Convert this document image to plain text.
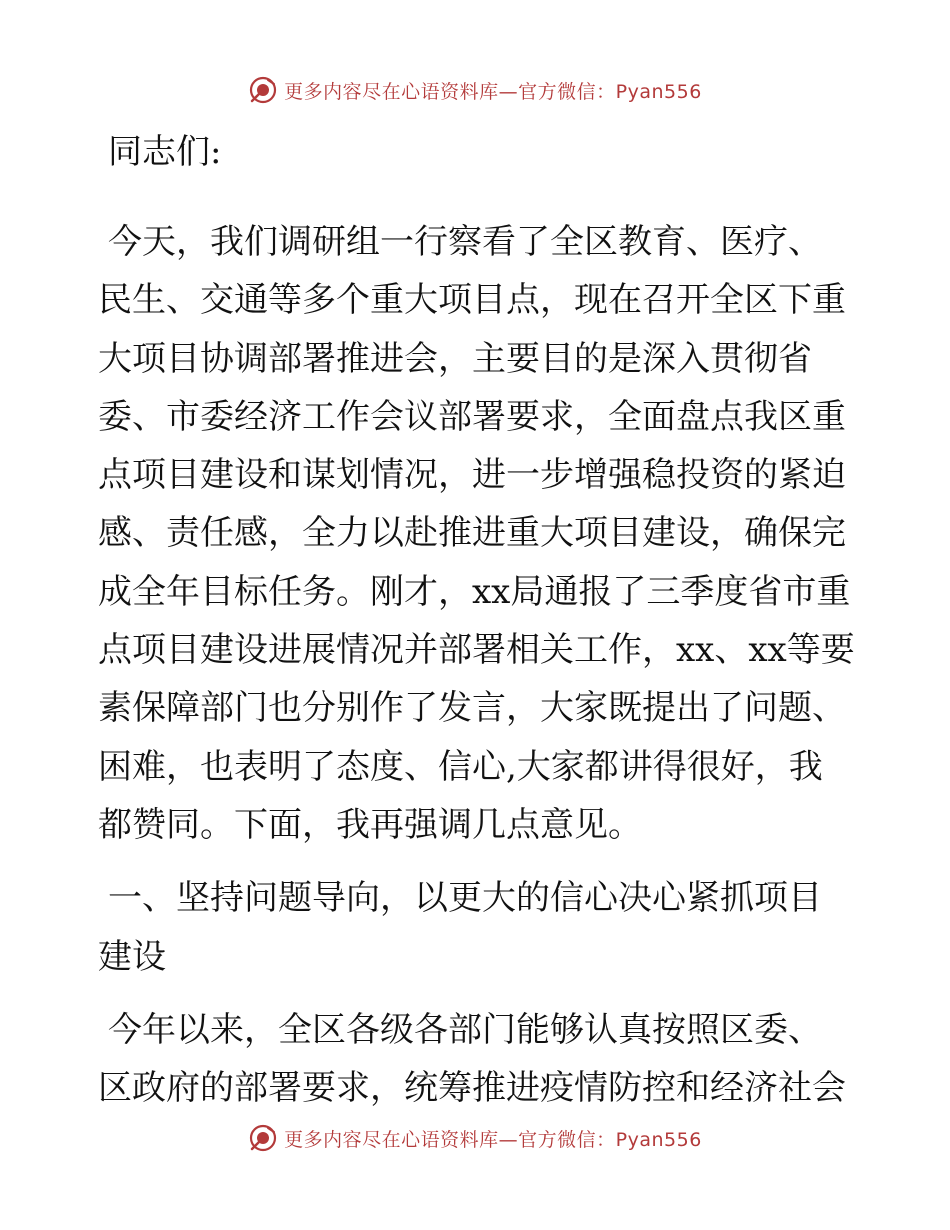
更多内容尽在心语资料库—官方微信：Pyan556
同志们:

今天，我们调研组一行察看了全区教育、医疗、
民生、交通等多个重大项目点，现在召开全区下重
大项目协调部署推进会，主要目的是深入贯彻省
委、市委经济工作会议部署要求，全面盘点我区重
点项目建设和谋划情况，进一步增强稳投资的紧迫
感、责任感，全力以赴推进重大项目建设，确保完
成全年目标任务。刚才，xx局通报了三季度省市重
点项目建设进展情况并部署相关工作，xx、xx等要
素保障部门也分别作了发言，大家既提出了问题、
困难，也表明了态度、信心,大家都讲得很好，我
都赞同。下面，我再强调几点意见。

一、坚持问题导向，以更大的信心决心紧抓项目
建设

今年以来，全区各级各部门能够认真按照区委、
区政府的部署要求，统筹推进疫情防控和经济社会

更多内容尽在心语资料库—官方微信：Pyan556
